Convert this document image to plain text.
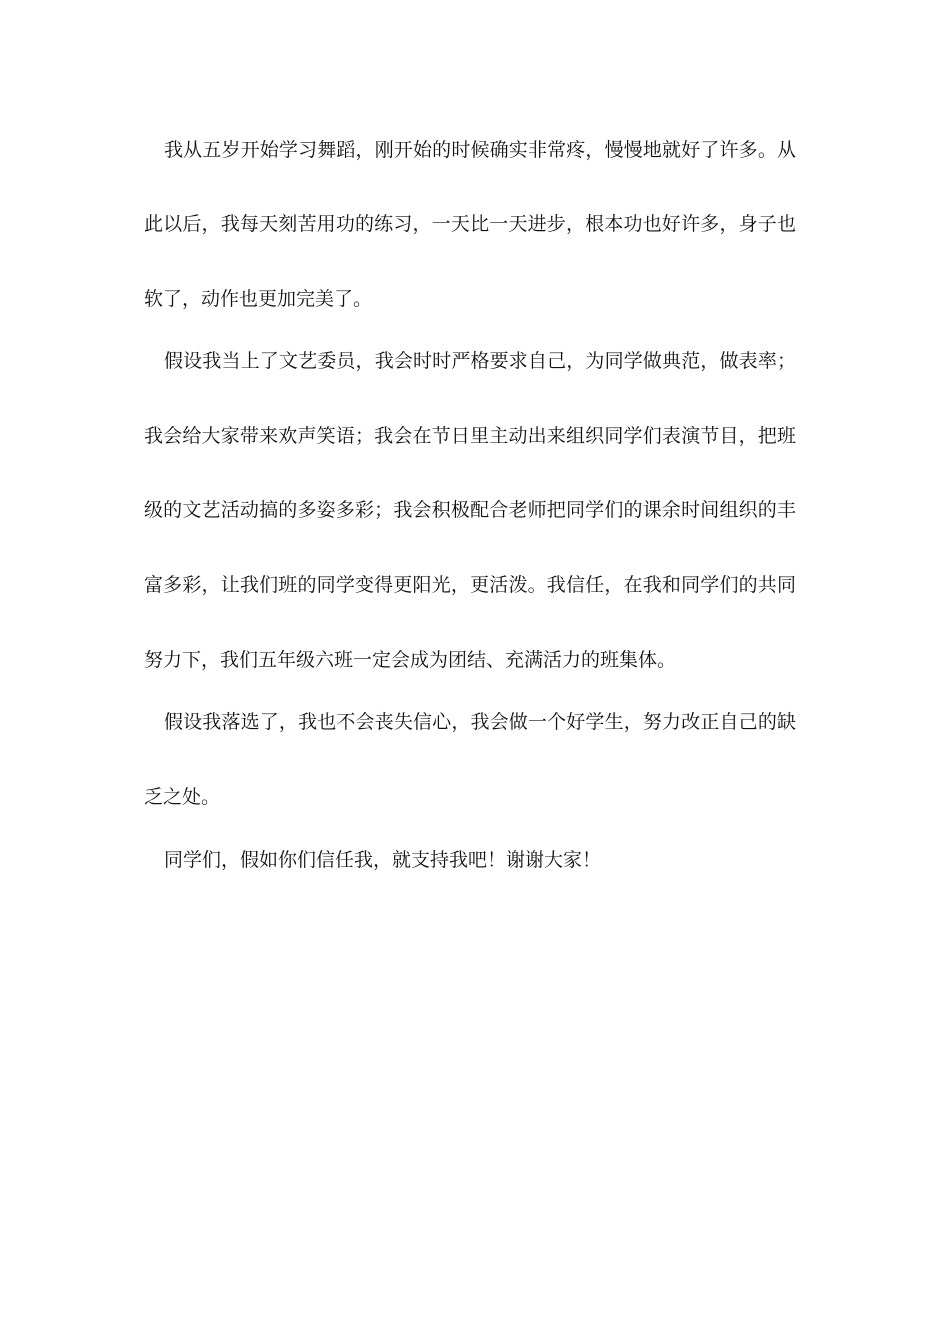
我从五岁开始学习舞蹈，刚开始的时候确实非常疼，慢慢地就好了许多。从
此以后，我每天刻苦用功的练习，一天比一天进步，根本功也好许多，身子也
软了，动作也更加完美了。
假设我当上了文艺委员，我会时时严格要求自己，为同学做典范，做表率；
我会给大家带来欢声笑语；我会在节日里主动出来组织同学们表演节目，把班
级的文艺活动搞的多姿多彩；我会积极配合老师把同学们的课余时间组织的丰
富多彩，让我们班的同学变得更阳光，更活泼。我信任，在我和同学们的共同
努力下，我们五年级六班一定会成为团结、充满活力的班集体。
假设我落选了，我也不会丧失信心，我会做一个好学生，努力改正自己的缺
乏之处。
同学们，假如你们信任我，就支持我吧！谢谢大家！
